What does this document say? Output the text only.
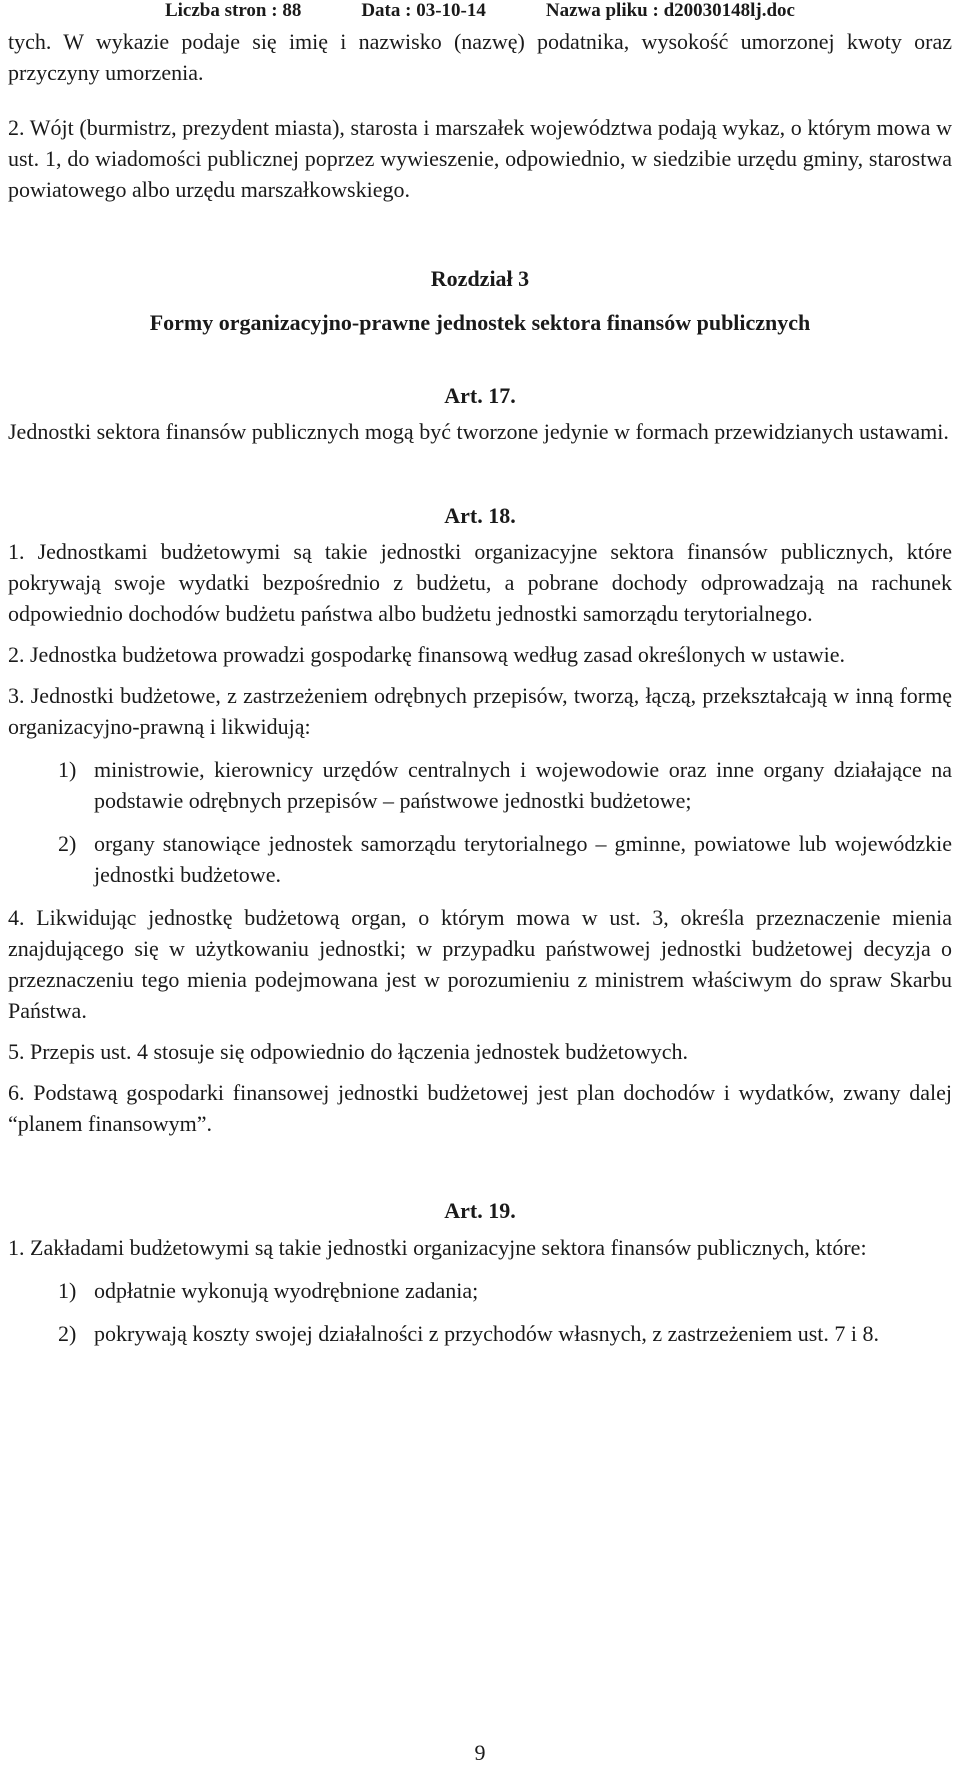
Liczba stron : 88	Data : 03-10-14	Nazwa pliku : d20030148lj.doc

tych. W wykazie podaje się imię i nazwisko (nazwę) podatnika, wysokość umorzonej kwoty oraz przyczyny umorzenia.

2. Wójt (burmistrz, prezydent miasta), starosta i marszałek województwa podają wykaz, o którym mowa w ust. 1, do wiadomości publicznej poprzez wywieszenie, odpowiednio, w siedzibie urzędu gminy, starostwa powiatowego albo urzędu marszałkowskiego.

Rozdział 3

Formy organizacyjno-prawne jednostek sektora finansów publicznych

Art. 17.

Jednostki sektora finansów publicznych mogą być tworzone jedynie w formach przewidzianych ustawami.

Art. 18.

1. Jednostkami budżetowymi są takie jednostki organizacyjne sektora finansów publicznych, które pokrywają swoje wydatki bezpośrednio z budżetu, a pobrane dochody odprowadzają na rachunek odpowiednio dochodów budżetu państwa albo budżetu jednostki samorządu terytorialnego.

2. Jednostka budżetowa prowadzi gospodarkę finansową według zasad określonych w ustawie.

3. Jednostki budżetowe, z zastrzeżeniem odrębnych przepisów, tworzą, łączą, przekształcają w inną formę organizacyjno-prawną i likwidują:

1) ministrowie, kierownicy urzędów centralnych i wojewodowie oraz inne organy działające na podstawie odrębnych przepisów – państwowe jednostki budżetowe;
2) organy stanowiące jednostek samorządu terytorialnego – gminne, powiatowe lub wojewódzkie jednostki budżetowe.

4. Likwidując jednostkę budżetową organ, o którym mowa w ust. 3, określa przeznaczenie mienia znajdującego się w użytkowaniu jednostki; w przypadku państwowej jednostki budżetowej decyzja o przeznaczeniu tego mienia podejmowana jest w porozumieniu z ministrem właściwym do spraw Skarbu Państwa.

5. Przepis ust. 4 stosuje się odpowiednio do łączenia jednostek budżetowych.

6. Podstawą gospodarki finansowej jednostki budżetowej jest plan dochodów i wydatków, zwany dalej “planem finansowym”.

Art. 19.

1. Zakładami budżetowymi są takie jednostki organizacyjne sektora finansów publicznych, które:

1) odpłatnie wykonują wyodrębnione zadania;
2) pokrywają koszty swojej działalności z przychodów własnych, z zastrzeżeniem ust. 7 i 8.
9
